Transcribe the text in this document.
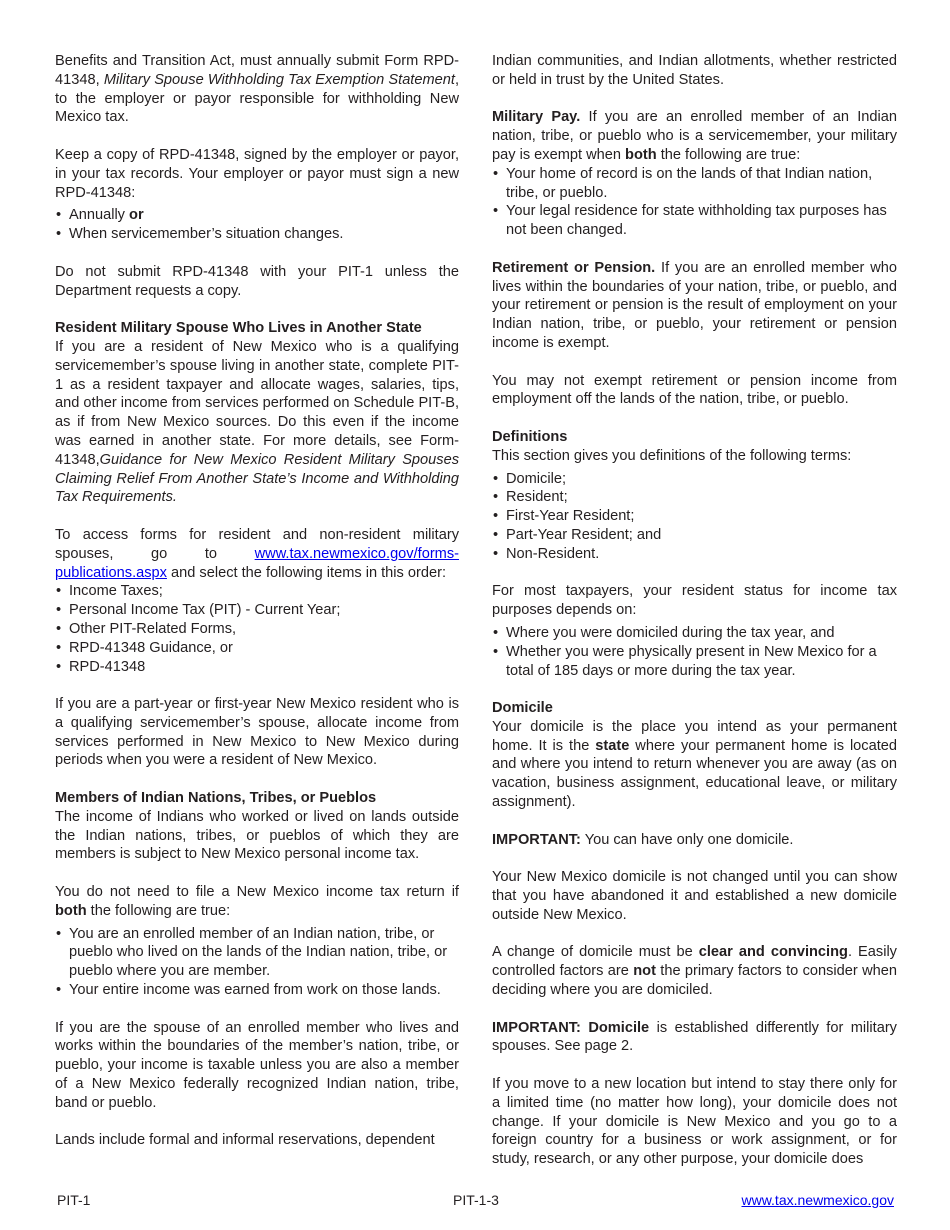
Benefits and Transition Act, must annually submit Form RPD-41348, Military Spouse Withholding Tax Exemption Statement, to the employer or payor responsible for withholding New Mexico tax.

Keep a copy of RPD-41348, signed by the employer or payor, in your tax records. Your employer or payor must sign a new RPD-41348:

• Annually or
• When servicemember’s situation changes.

Do not submit RPD-41348 with your PIT-1 unless the Department requests a copy.

Resident Military Spouse Who Lives in Another State

If you are a resident of New Mexico who is a qualifying servicemember’s spouse living in another state, complete PIT-1 as a resident taxpayer and allocate wages, salaries, tips, and other income from services performed on Schedule PIT-B, as if from New Mexico sources. Do this even if the income was earned in another state. For more details, see Form-41348,Guidance for New Mexico Resident Military Spouses Claiming Relief From Another State’s Income and Withholding Tax Requirements.

To access forms for resident and non-resident military spouses, go to www.tax.newmexico.gov/forms-publications.aspx and select the following items in this order:

• Income Taxes;
• Personal Income Tax (PIT) - Current Year;
• Other PIT-Related Forms,
• RPD-41348 Guidance, or
• RPD-41348

If you are a part-year or first-year New Mexico resident who is a qualifying servicemember’s spouse, allocate income from services performed in New Mexico to New Mexico during periods when you were a resident of New Mexico.

Members of Indian Nations, Tribes, or Pueblos

The income of Indians who worked or lived on lands outside the Indian nations, tribes, or pueblos of which they are members is subject to New Mexico personal income tax.

You do not need to file a New Mexico income tax return if both the following are true:

• You are an enrolled member of an Indian nation, tribe, or pueblo who lived on the lands of the Indian nation, tribe, or pueblo where you are member.
• Your entire income was earned from work on those lands.

If you are the spouse of an enrolled member who lives and works within the boundaries of the member’s nation, tribe, or pueblo, your income is taxable unless you are also a member of a New Mexico federally recognized Indian nation, tribe, band or pueblo.

Lands include formal and informal reservations, dependent

Indian communities, and Indian allotments, whether restricted or held in trust by the United States.

Military Pay. If you are an enrolled member of an Indian nation, tribe, or pueblo who is a servicemember, your military pay is exempt when both the following are true:

• Your home of record is on the lands of that Indian nation, tribe, or pueblo.
• Your legal residence for state withholding tax purposes has not been changed.

Retirement or Pension. If you are an enrolled member who lives within the boundaries of your nation, tribe, or pueblo, and your retirement or pension is the result of employment on your Indian nation, tribe, or pueblo, your retirement or pension income is exempt.

You may not exempt retirement or pension income from employment off the lands of the nation, tribe, or pueblo.

Definitions

This section gives you definitions of the following terms:

• Domicile;
• Resident;
• First-Year Resident;
• Part-Year Resident; and
• Non-Resident.

For most taxpayers, your resident status for income tax purposes depends on:

• Where you were domiciled during the tax year, and
• Whether you were physically present in New Mexico for a total of 185 days or more during the tax year.
Domicile

Your domicile is the place you intend as your permanent home. It is the state where your permanent home is located and where you intend to return whenever you are away (as on vacation, business assignment, educational leave, or military assignment).

IMPORTANT: You can have only one domicile.

Your New Mexico domicile is not changed until you can show that you have abandoned it and established a new domicile outside New Mexico.

A change of domicile must be clear and convincing. Easily controlled factors are not the primary factors to consider when deciding where you are domiciled.

IMPORTANT: Domicile is established differently for military spouses. See page 2.

If you move to a new location but intend to stay there only for a limited time (no matter how long), your domicile does not change. If your domicile is New Mexico and you go to a foreign country for a business or work assignment, or for study, research, or any other purpose, your domicile does

PIT-1	PIT-1-3	www.tax.newmexico.gov
